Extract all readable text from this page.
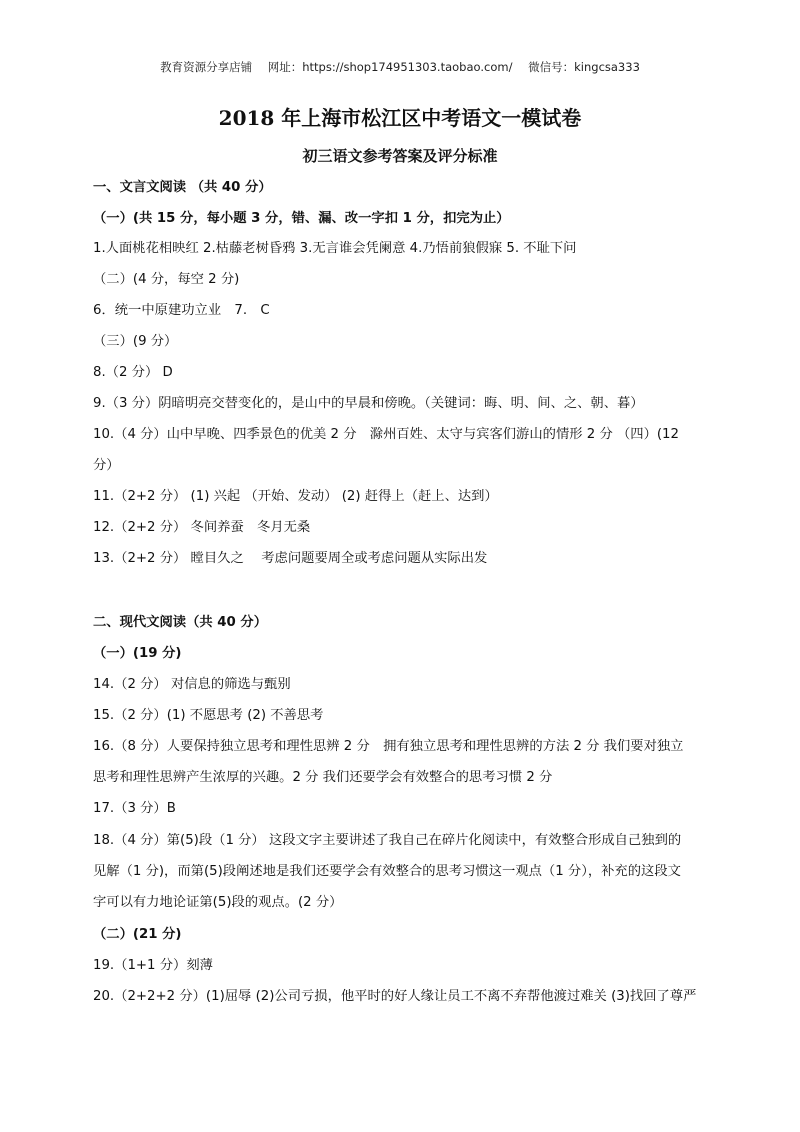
教育资源分享店铺 网址：https://shop174951303.taobao.com/ 微信号：kingcsa333
2018 年上海市松江区中考语文一模试卷
初三语文参考答案及评分标准
一、文言文阅读 （共 40 分）
（一）(共 15 分，每小题 3 分，错、漏、改一字扣 1 分，扣完为止）
1.人面桃花相映红 2.枯藤老树昏鸦 3.无言谁会凭阑意 4.乃悟前狼假寐 5. 不耻下问
（二）(4 分，每空 2 分)
6．统一中原建功立业　7.　C
（三）(9 分）
8.（2 分） D
9.（3 分）阴暗明亮交替变化的，是山中的早晨和傍晚。（关键词：晦、明、间、之、朝、暮）
10.（4 分）山中早晚、四季景色的优美 2 分　滁州百姓、太守与宾客们游山的情形 2 分 （四）(12
分）
11.（2+2 分） (1) 兴起 （开始、发动） (2) 赶得上（赶上、达到）
12.（2+2 分） 冬间养蚕　冬月无桑
13.（2+2 分） 瞠目久之　 考虑问题要周全或考虑问题从实际出发
二、现代文阅读（共 40 分）
（一）(19 分)
14.（2 分） 对信息的筛选与甄别
15.（2 分）(1) 不愿思考 (2) 不善思考
16.（8 分）人要保持独立思考和理性思辨 2 分　拥有独立思考和理性思辨的方法 2 分 我们要对独立
思考和理性思辨产生浓厚的兴趣。2 分 我们还要学会有效整合的思考习惯 2 分
17.（3 分）B
18.（4 分）第(5)段（1 分） 这段文字主要讲述了我自己在碎片化阅读中，有效整合形成自己独到的
见解（1 分)，而第(5)段阐述地是我们还要学会有效整合的思考习惯这一观点（1 分），补充的这段文
字可以有力地论证第(5)段的观点。(2 分）
（二）(21 分)
19.（1+1 分）刻薄
20.（2+2+2 分）(1)屈辱 (2)公司亏损，他平时的好人缘让员工不离不弃帮他渡过难关 (3)找回了尊严
